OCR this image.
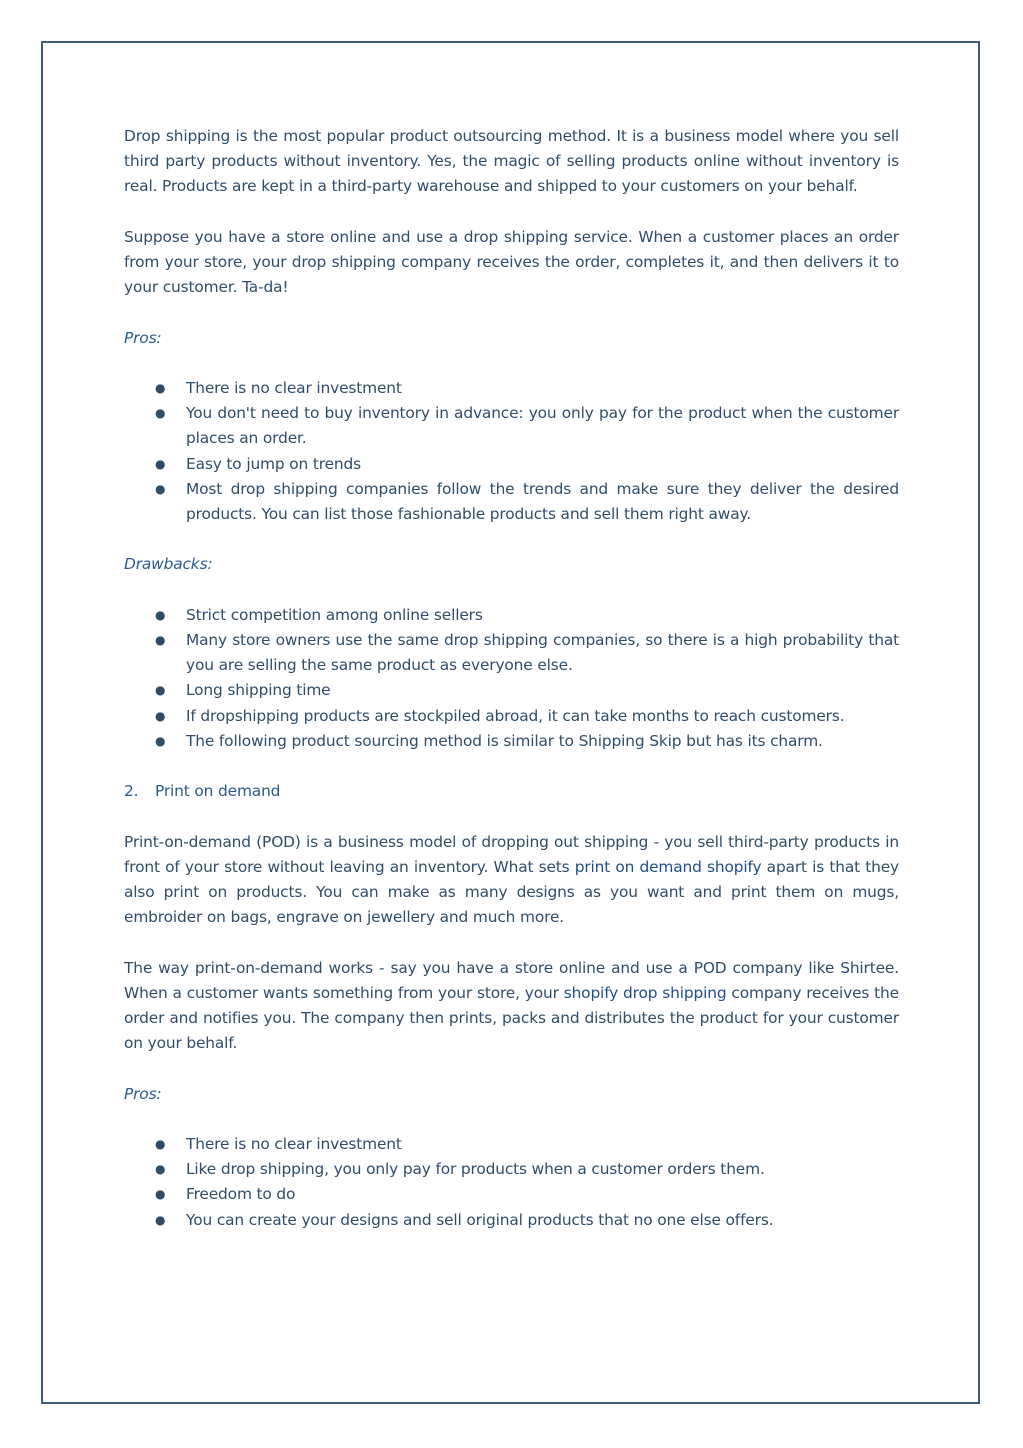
Drop shipping is the most popular product outsourcing method. It is a business model where you sell third party products without inventory. Yes, the magic of selling products online without inventory is real. Products are kept in a third-party warehouse and shipped to your customers on your behalf.

Suppose you have a store online and use a drop shipping service. When a customer places an order from your store, your drop shipping company receives the order, completes it, and then delivers it to your customer. Ta-da!

Pros:
● There is no clear investment
● You don't need to buy inventory in advance: you only pay for the product when the customer places an order.
● Easy to jump on trends
● Most drop shipping companies follow the trends and make sure they deliver the desired products. You can list those fashionable products and sell them right away.
Drawbacks:
● Strict competition among online sellers
● Many store owners use the same drop shipping companies, so there is a high probability that you are selling the same product as everyone else.
● Long shipping time
● If dropshipping products are stockpiled abroad, it can take months to reach customers.
● The following product sourcing method is similar to Shipping Skip but has its charm.
2. Print on demand

Print-on-demand (POD) is a business model of dropping out shipping - you sell third-party products in front of your store without leaving an inventory. What sets print on demand shopify apart is that they also print on products. You can make as many designs as you want and print them on mugs, embroider on bags, engrave on jewellery and much more.

The way print-on-demand works - say you have a store online and use a POD company like Shirtee. When a customer wants something from your store, your shopify drop shipping company receives the order and notifies you. The company then prints, packs and distributes the product for your customer on your behalf.

Pros:
● There is no clear investment
● Like drop shipping, you only pay for products when a customer orders them.
● Freedom to do
● You can create your designs and sell original products that no one else offers.
